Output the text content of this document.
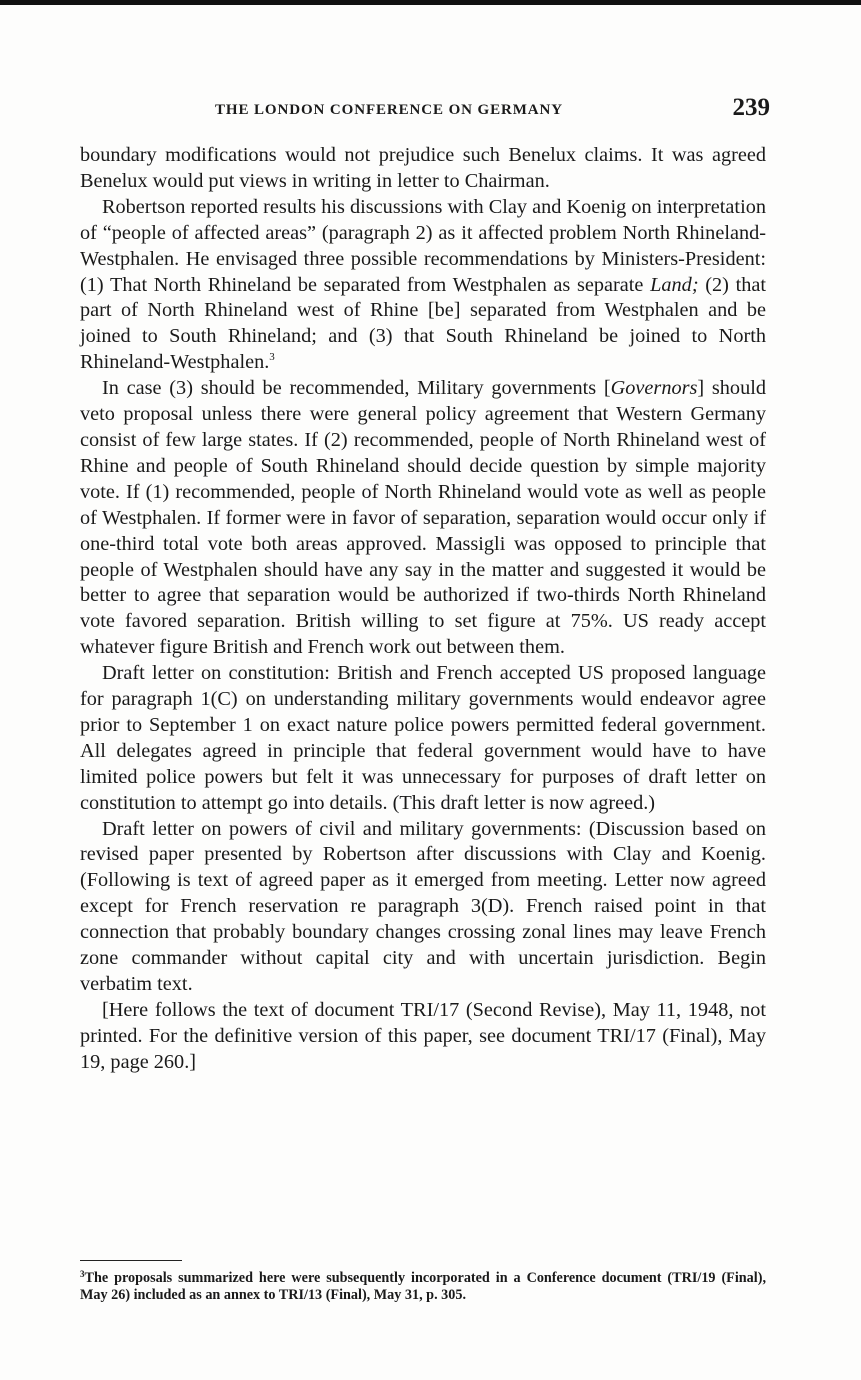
THE LONDON CONFERENCE ON GERMANY	239

boundary modifications would not prejudice such Benelux claims. It was agreed Benelux would put views in writing in letter to Chairman.

Robertson reported results his discussions with Clay and Koenig on interpretation of “people of affected areas” (paragraph 2) as it affected problem North Rhineland-Westphalen. He envisaged three possible recommendations by Ministers-President: (1) That North Rhineland be separated from Westphalen as separate Land; (2) that part of North Rhineland west of Rhine [be] separated from Westphalen and be joined to South Rhineland; and (3) that South Rhineland be joined to North Rhineland-Westphalen.$^3$

In case (3) should be recommended, Military governments [Governors] should veto proposal unless there were general policy agreement that Western Germany consist of few large states. If (2) recommended, people of North Rhineland west of Rhine and people of South Rhineland should decide question by simple majority vote. If (1) recommended, people of North Rhineland would vote as well as people of Westphalen. If former were in favor of separation, separation would occur only if one-third total vote both areas approved. Massigli was opposed to principle that people of Westphalen should have any say in the matter and suggested it would be better to agree that separation would be authorized if two-thirds North Rhineland vote favored separation. British willing to set figure at 75%. US ready accept whatever figure British and French work out between them.

Draft letter on constitution: British and French accepted US proposed language for paragraph 1(C) on understanding military governments would endeavor agree prior to September 1 on exact nature police powers permitted federal government. All delegates agreed in principle that federal government would have to have limited police powers but felt it was unnecessary for purposes of draft letter on constitution to attempt go into details. (This draft letter is now agreed.)

Draft letter on powers of civil and military governments: (Discussion based on revised paper presented by Robertson after discussions with Clay and Koenig. (Following is text of agreed paper as it emerged from meeting. Letter now agreed except for French reservation re paragraph 3(D). French raised point in that connection that probably boundary changes crossing zonal lines may leave French zone commander without capital city and with uncertain jurisdiction. Begin verbatim text.

[Here follows the text of document TRI/17 (Second Revise), May 11, 1948, not printed. For the definitive version of this paper, see document TRI/17 (Final), May 19, page 260.]

$^3$The proposals summarized here were subsequently incorporated in a Conference document (TRI/19 (Final), May 26) included as an annex to TRI/13 (Final), May 31, p. 305.
